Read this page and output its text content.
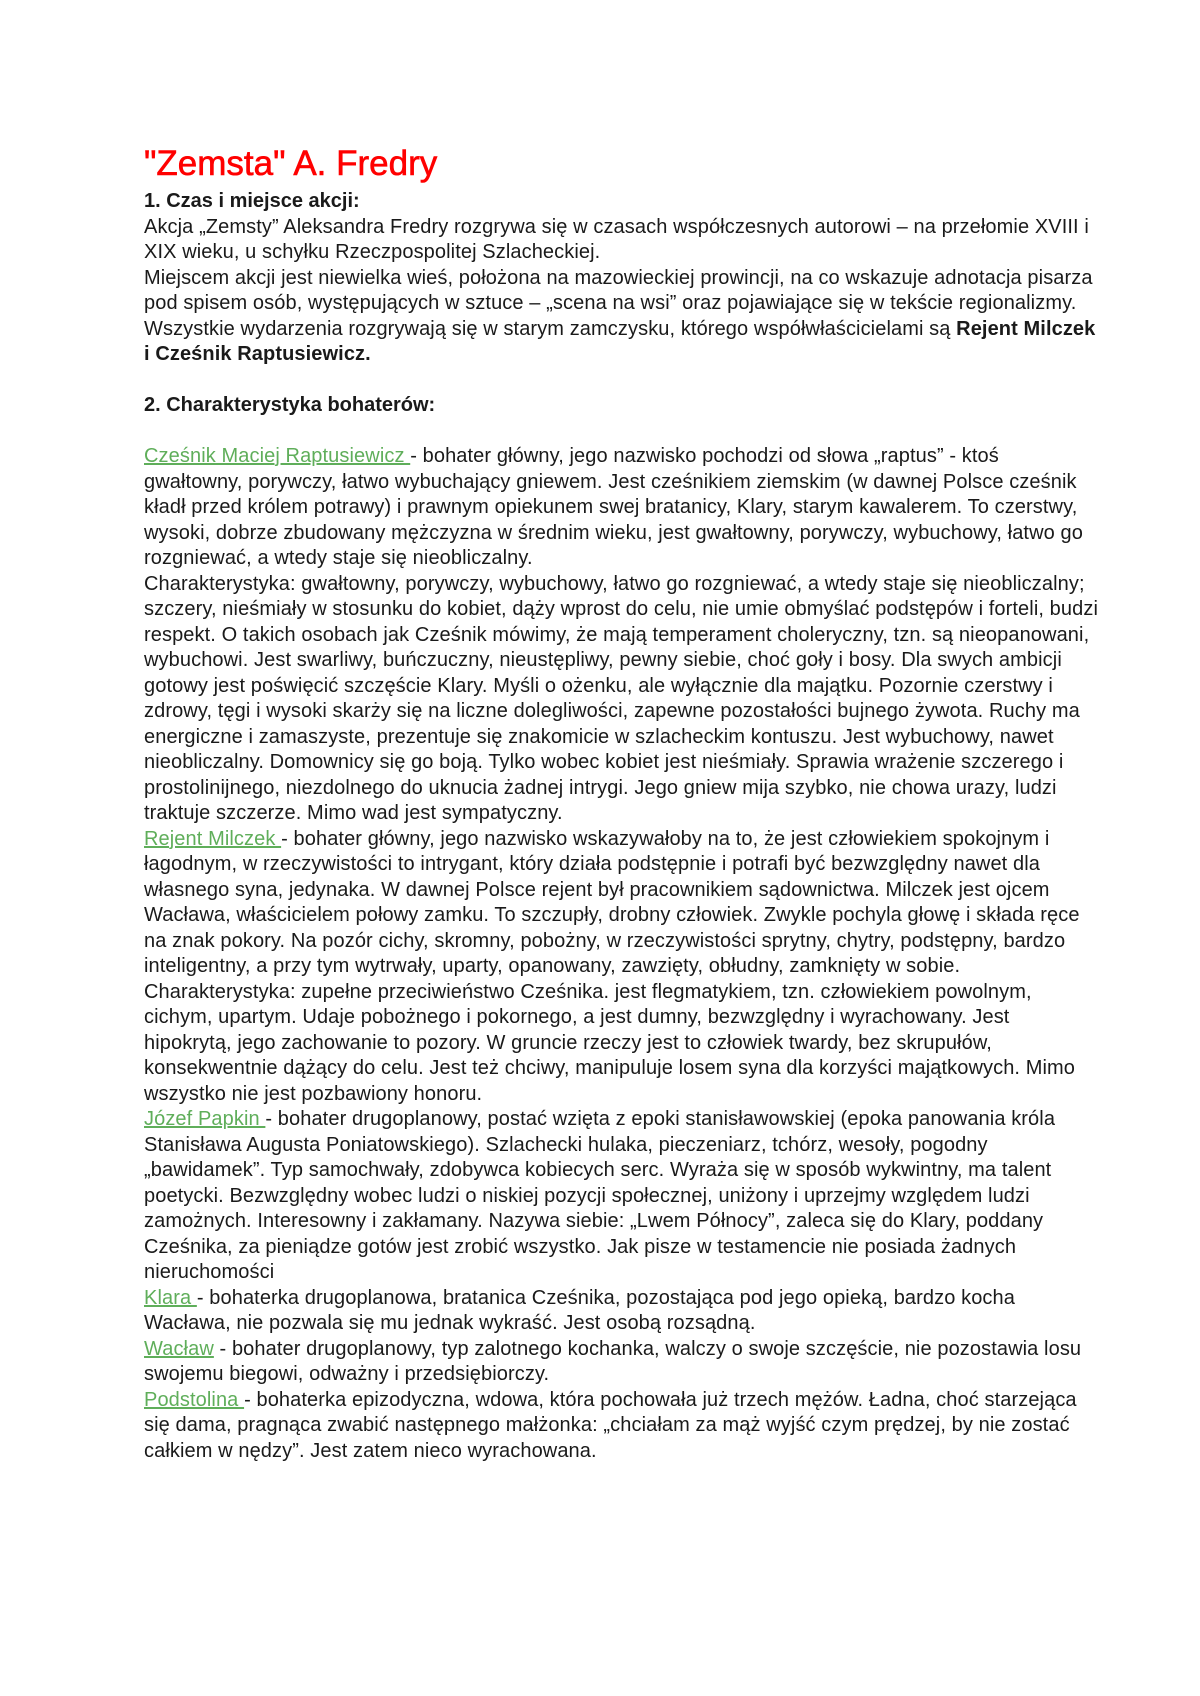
"Zemsta" A. Fredry
1. Czas i miejsce akcji:

Akcja „Zemsty” Aleksandra Fredry rozgrywa się w czasach współczesnych autorowi – na przełomie XVIII i XIX wieku, u schyłku Rzeczpospolitej Szlacheckiej.

Miejscem akcji jest niewielka wieś, położona na mazowieckiej prowincji, na co wskazuje adnotacja pisarza pod spisem osób, występujących w sztuce – „scena na wsi” oraz pojawiające się w tekście regionalizmy. Wszystkie wydarzenia rozgrywają się w starym zamczysku, którego współwłaścicielami są Rejent Milczek i Cześnik Raptusiewicz.

2. Charakterystyka bohaterów:

Cześnik Maciej Raptusiewicz - bohater główny, jego nazwisko pochodzi od słowa „raptus” - ktoś gwałtowny, porywczy, łatwo wybuchający gniewem. Jest cześnikiem ziemskim (w dawnej Polsce cześnik kładł przed królem potrawy) i prawnym opiekunem swej bratanicy, Klary, starym kawalerem. To czerstwy, wysoki, dobrze zbudowany mężczyzna w średnim wieku, jest gwałtowny, porywczy, wybuchowy, łatwo go rozgniewać, a wtedy staje się nieobliczalny.

Charakterystyka: gwałtowny, porywczy, wybuchowy, łatwo go rozgniewać, a wtedy staje się nieobliczalny; szczery, nieśmiały w stosunku do kobiet, dąży wprost do celu, nie umie obmyślać podstępów i forteli, budzi respekt. O takich osobach jak Cześnik mówimy, że mają temperament choleryczny, tzn. są nieopanowani, wybuchowi. Jest swarliwy, buńczuczny, nieustępliwy, pewny siebie, choć goły i bosy. Dla swych ambicji gotowy jest poświęcić szczęście Klary. Myśli o ożenku, ale wyłącznie dla majątku. Pozornie czerstwy i zdrowy, tęgi i wysoki skarży się na liczne dolegliwości, zapewne pozostałości bujnego żywota. Ruchy ma energiczne i zamaszyste, prezentuje się znakomicie w szlacheckim kontuszu. Jest wybuchowy, nawet nieobliczalny. Domownicy się go boją. Tylko wobec kobiet jest nieśmiały. Sprawia wrażenie szczerego i prostolinijnego, niezdolnego do uknucia żadnej intrygi. Jego gniew mija szybko, nie chowa urazy, ludzi traktuje szczerze. Mimo wad jest sympatyczny.

Rejent Milczek - bohater główny, jego nazwisko wskazywałoby na to, że jest człowiekiem spokojnym i łagodnym, w rzeczywistości to intrygant, który działa podstępnie i potrafi być bezwzględny nawet dla własnego syna, jedynaka. W dawnej Polsce rejent był pracownikiem sądownictwa. Milczek jest ojcem Wacława, właścicielem połowy zamku. To szczupły, drobny człowiek. Zwykle pochyla głowę i składa ręce na znak pokory. Na pozór cichy, skromny, pobożny, w rzeczywistości sprytny, chytry, podstępny, bardzo inteligentny, a przy tym wytrwały, uparty, opanowany, zawzięty, obłudny, zamknięty w sobie.

Charakterystyka: zupełne przeciwieństwo Cześnika. jest flegmatykiem, tzn. człowiekiem powolnym, cichym, upartym. Udaje pobożnego i pokornego, a jest dumny, bezwzględny i wyrachowany. Jest hipokrytą, jego zachowanie to pozory. W gruncie rzeczy jest to człowiek twardy, bez skrupułów, konsekwentnie dążący do celu. Jest też chciwy, manipuluje losem syna dla korzyści majątkowych. Mimo wszystko nie jest pozbawiony honoru.

Józef Papkin - bohater drugoplanowy, postać wzięta z epoki stanisławowskiej (epoka panowania króla Stanisława Augusta Poniatowskiego). Szlachecki hulaka, pieczeniarz, tchórz, wesoły, pogodny „bawidamek”. Typ samochwały, zdobywca kobiecych serc. Wyraża się w sposób wykwintny, ma talent poetycki. Bezwzględny wobec ludzi o niskiej pozycji społecznej, uniżony i uprzejmy względem ludzi zamożnych. Interesowny i zakłamany. Nazywa siebie: „Lwem Północy”, zaleca się do Klary, poddany Cześnika, za pieniądze gotów jest zrobić wszystko. Jak pisze w testamencie nie posiada żadnych nieruchomości

Klara - bohaterka drugoplanowa, bratanica Cześnika, pozostająca pod jego opieką, bardzo kocha Wacława, nie pozwala się mu jednak wykraść. Jest osobą rozsądną.

Wacław - bohater drugoplanowy, typ zalotnego kochanka, walczy o swoje szczęście, nie pozostawia losu swojemu biegowi, odważny i przedsiębiorczy.

Podstolina - bohaterka epizodyczna, wdowa, która pochowała już trzech mężów. Ładna, choć starzejąca się dama, pragnąca zwabić następnego małżonka: „chciałam za mąż wyjść czym prędzej, by nie zostać całkiem w nędzy”. Jest zatem nieco wyrachowana.
